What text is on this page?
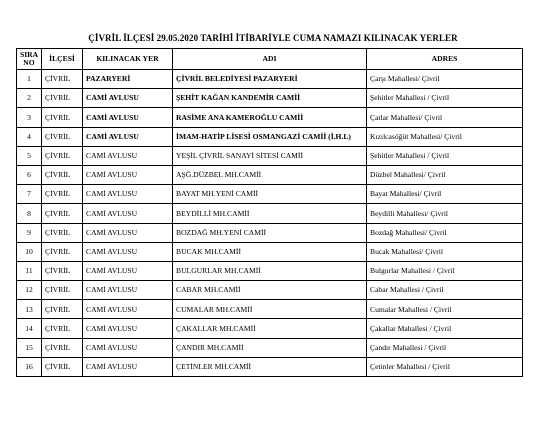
ÇİVRİL İLÇESİ 29.05.2020 TARİHİ İTİBARİYLE CUMA NAMAZI KILINACAK YERLER
SIRA NO	İLÇESİ	KILINACAK YER	ADI	ADRES
1	ÇİVRİL	PAZARYERİ	ÇİVRİL BELEDİYESİ PAZARYERİ	Çarşı Mahallesi/ Çivril
2	ÇİVRİL	CAMİ AVLUSU	ŞEHİT KAĞAN KANDEMİR CAMİİ	Şehitler Mahallesi / Çivril
3	ÇİVRİL	CAMİ AVLUSU	RASİME ANA KAMEROĞLU CAMİİ	Çatlar Mahallesi/ Çivril
4	ÇİVRİL	CAMİ AVLUSU	İMAM-HATİP LİSESİ OSMANGAZİ CAMİİ (İ.H.L)	Kızılcasöğüt Mahallesi/ Çivril
5	ÇİVRİL	CAMİ AVLUSU	YEŞİL ÇİVRİL SANAYİ SİTESİ CAMİİ	Şehitler Mahallesi / Çivril
6	ÇİVRİL	CAMİ AVLUSU	AŞĞ.DÜZBEL MH.CAMİİ	Düzbel Mahallesi/ Çivril
7	ÇİVRİL	CAMİ AVLUSU	BAYAT MH.YENİ CAMİİ	Bayat Mahallesi/ Çivril
8	ÇİVRİL	CAMİ AVLUSU	BEYDİLLİ MH.CAMİİ	Beydilli Mahallesi/ Çivril
9	ÇİVRİL	CAMİ AVLUSU	BOZDAĞ MH.YENİ CAMİİ	Bozdağ Mahallesi/ Çivril
10	ÇİVRİL	CAMİ AVLUSU	BUCAK MH.CAMİİ	Bucak Mahallesi/ Çivril
11	ÇİVRİL	CAMİ AVLUSU	BULGURLAR MH.CAMİİ	Bulgurlar Mahallesi / Çivril
12	ÇİVRİL	CAMİ AVLUSU	CABAR MH.CAMİİ	Cabar Mahallesi / Çivril
13	ÇİVRİL	CAMİ AVLUSU	CUMALAR MH.CAMİİ	Cumalar Mahallesi / Çivril
14	ÇİVRİL	CAMİ AVLUSU	ÇAKALLAR MH.CAMİİ	Çakallar Mahallesi / Çivril
15	ÇİVRİL	CAMİ AVLUSU	ÇANDIR MH.CAMİİ	Çandır Mahallesi / Çivril
16	ÇİVRİL	CAMİ AVLUSU	ÇETİNLER MH.CAMİİ	Çetinler Mahallesi / Çivril
